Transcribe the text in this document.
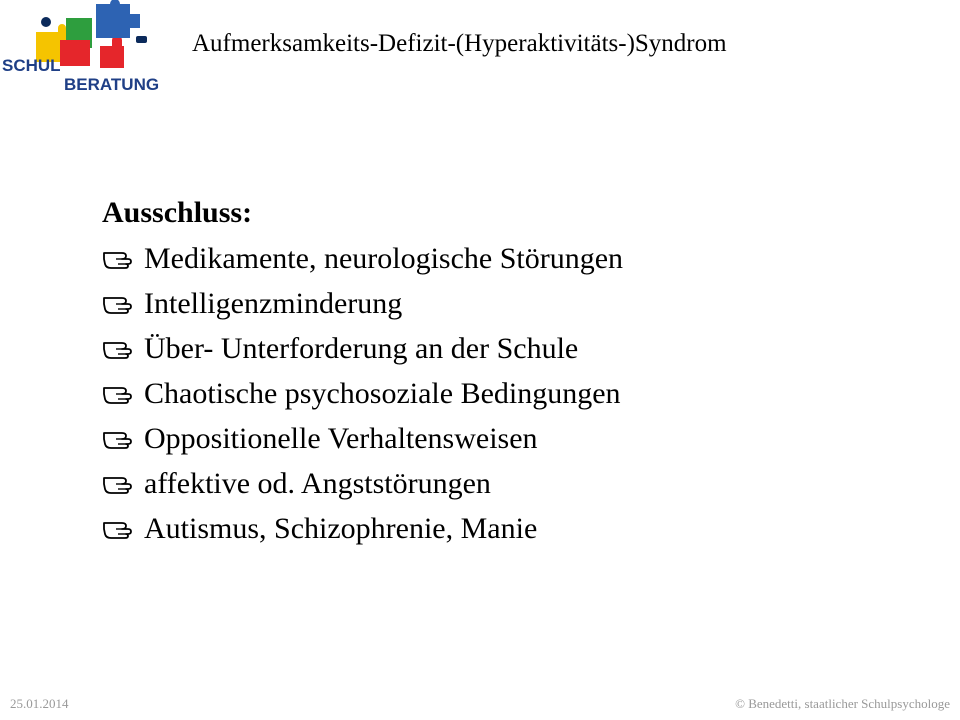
SCHUL
BERATUNG
Aufmerksamkeits-Defizit-(Hyperaktivitäts-)Syndrom
Ausschluss:
Medikamente, neurologische Störungen
Intelligenzminderung
Über- Unterforderung an der Schule
Chaotische psychosoziale Bedingungen
Oppositionelle Verhaltensweisen
affektive od. Angststörungen
Autismus, Schizophrenie, Manie
25.01.2014	© Benedetti, staatlicher Schulpsychologe
